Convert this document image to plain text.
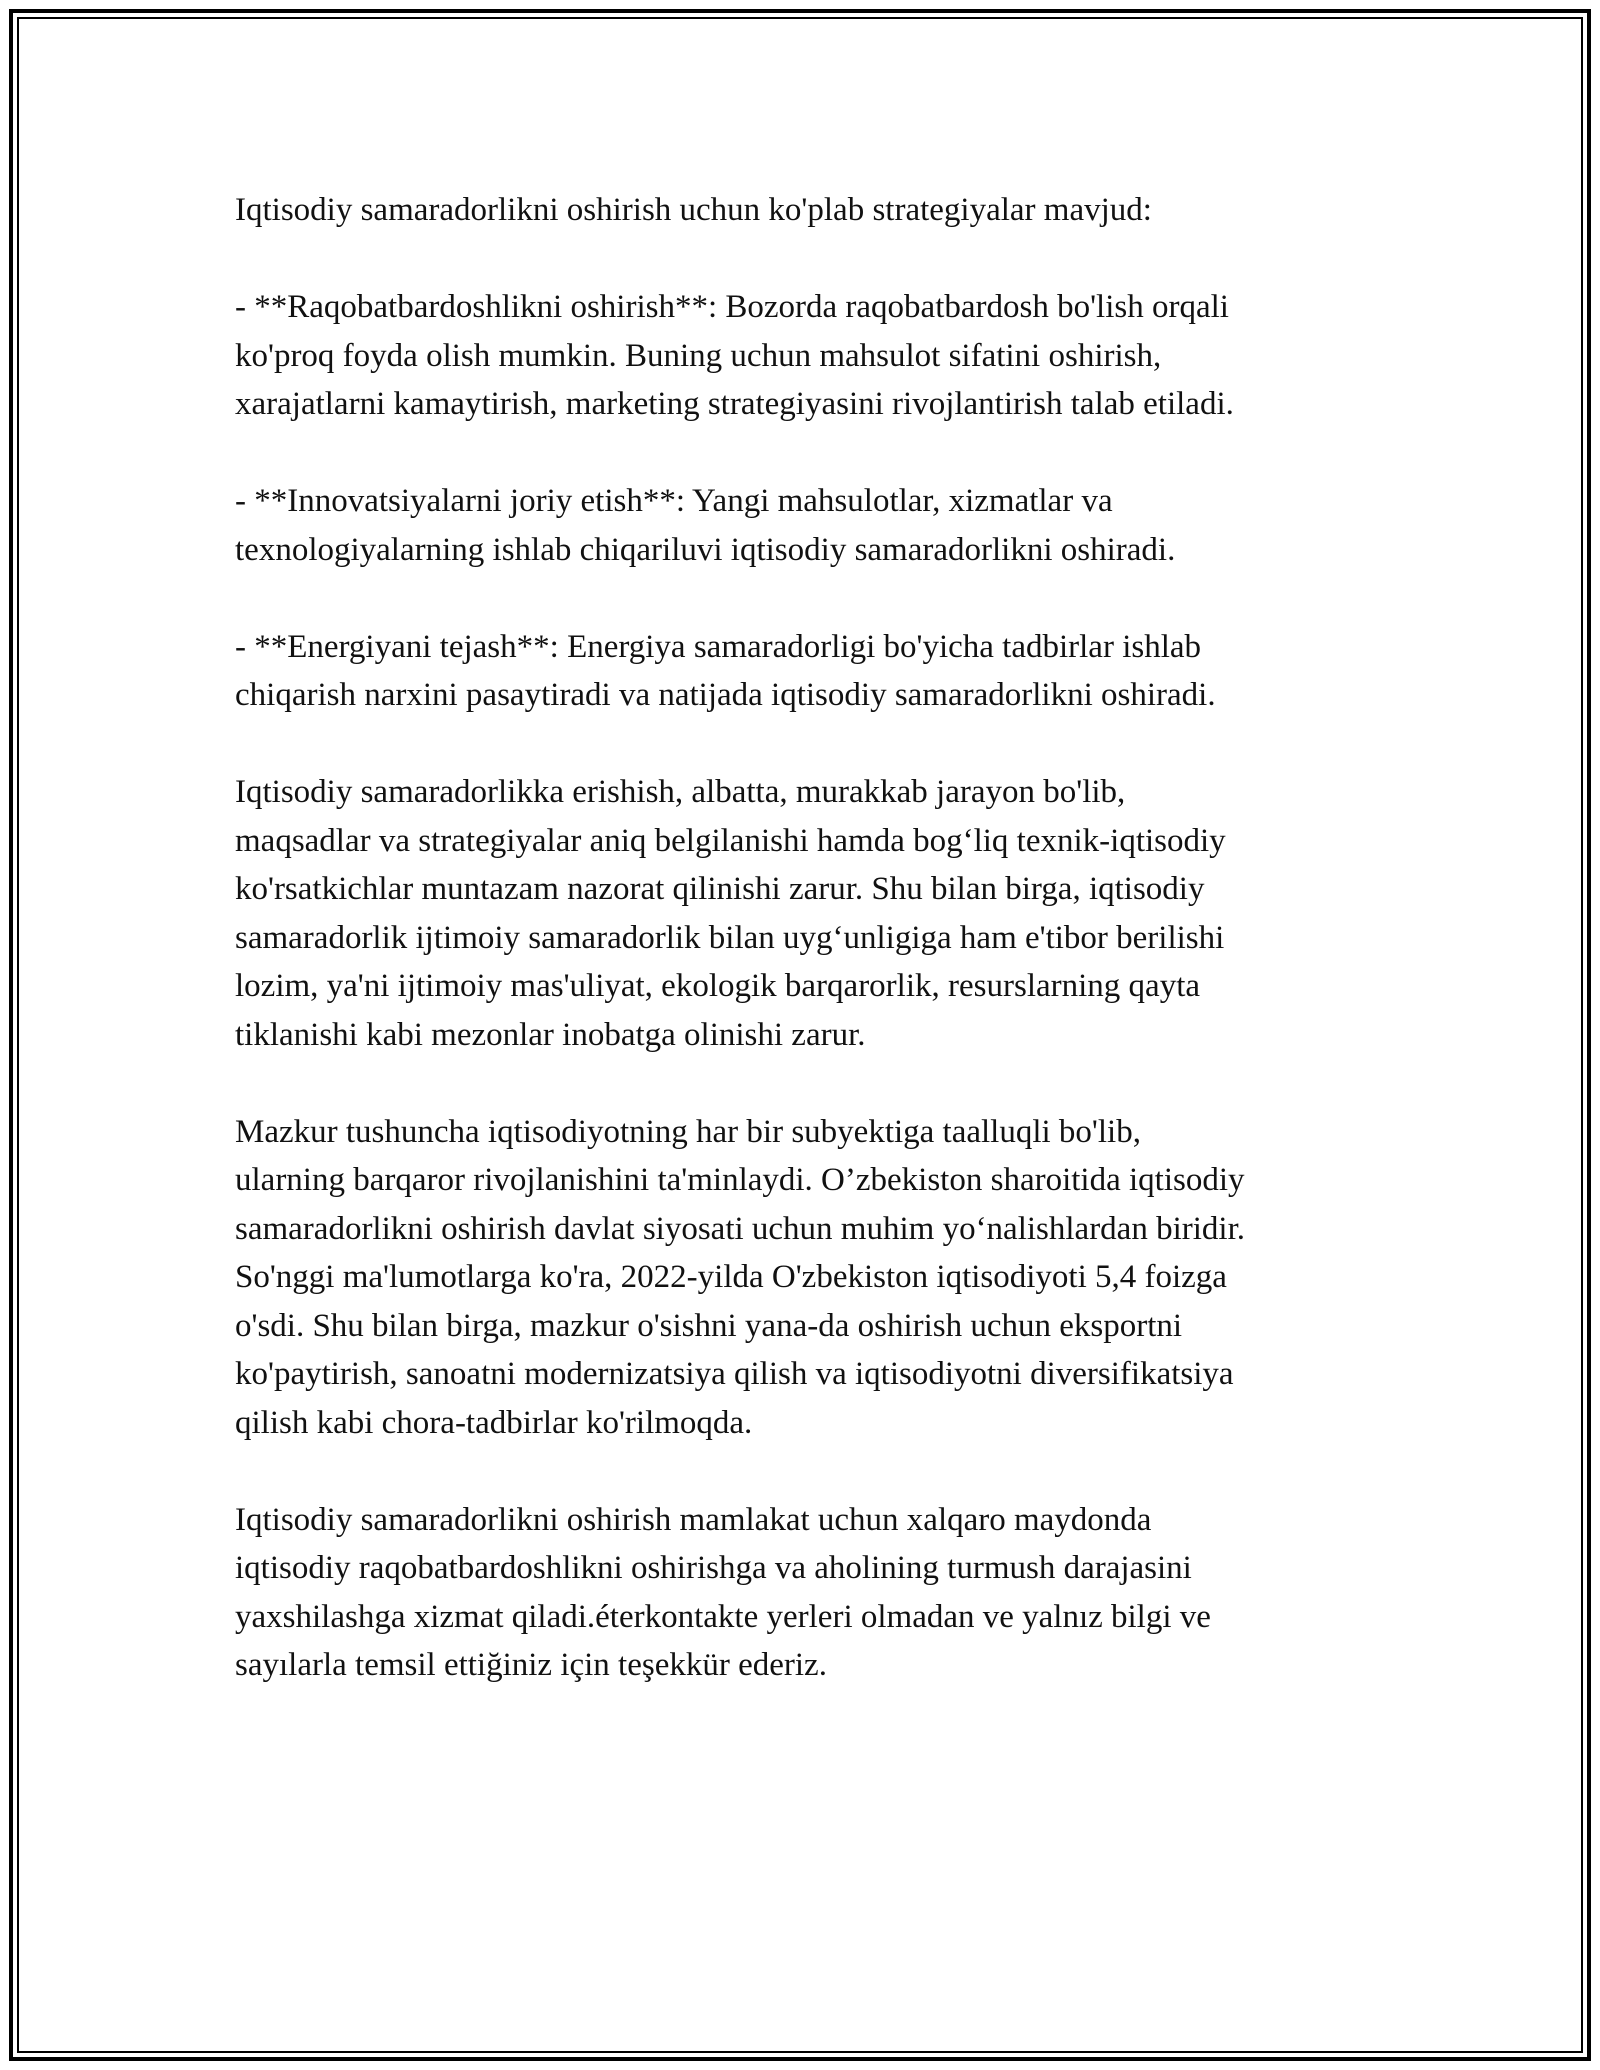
Iqtisodiy samaradorlikni oshirish uchun ko'plab strategiyalar mavjud:

- **Raqobatbardoshlikni oshirish**: Bozorda raqobatbardosh bo'lish orqali
ko'proq foyda olish mumkin. Buning uchun mahsulot sifatini oshirish,
xarajatlarni kamaytirish, marketing strategiyasini rivojlantirish talab etiladi.

- **Innovatsiyalarni joriy etish**: Yangi mahsulotlar, xizmatlar va
texnologiyalarning ishlab chiqariluvi iqtisodiy samaradorlikni oshiradi.

- **Energiyani tejash**: Energiya samaradorligi bo'yicha tadbirlar ishlab
chiqarish narxini pasaytiradi va natijada iqtisodiy samaradorlikni oshiradi.

Iqtisodiy samaradorlikka erishish, albatta, murakkab jarayon bo'lib,
maqsadlar va strategiyalar aniq belgilanishi hamda bog‘liq texnik-iqtisodiy
ko'rsatkichlar muntazam nazorat qilinishi zarur. Shu bilan birga, iqtisodiy
samaradorlik ijtimoiy samaradorlik bilan uyg‘unligiga ham e'tibor berilishi
lozim, ya'ni ijtimoiy mas'uliyat, ekologik barqarorlik, resurslarning qayta
tiklanishi kabi mezonlar inobatga olinishi zarur.

Mazkur tushuncha iqtisodiyotning har bir subyektiga taalluqli bo'lib,
ularning barqaror rivojlanishini ta'minlaydi. O’zbekiston sharoitida iqtisodiy
samaradorlikni oshirish davlat siyosati uchun muhim yo‘nalishlardan biridir.
So'nggi ma'lumotlarga ko'ra, 2022-yilda O'zbekiston iqtisodiyoti 5,4 foizga
o'sdi. Shu bilan birga, mazkur o'sishni yana-da oshirish uchun eksportni
ko'paytirish, sanoatni modernizatsiya qilish va iqtisodiyotni diversifikatsiya
qilish kabi chora-tadbirlar ko'rilmoqda.

Iqtisodiy samaradorlikni oshirish mamlakat uchun xalqaro maydonda
iqtisodiy raqobatbardoshlikni oshirishga va aholining turmush darajasini
yaxshilashga xizmat qiladi.éterkontakte yerleri olmadan ve yalnız bilgi ve
sayılarla temsil ettiğiniz için teşekkür ederiz.
